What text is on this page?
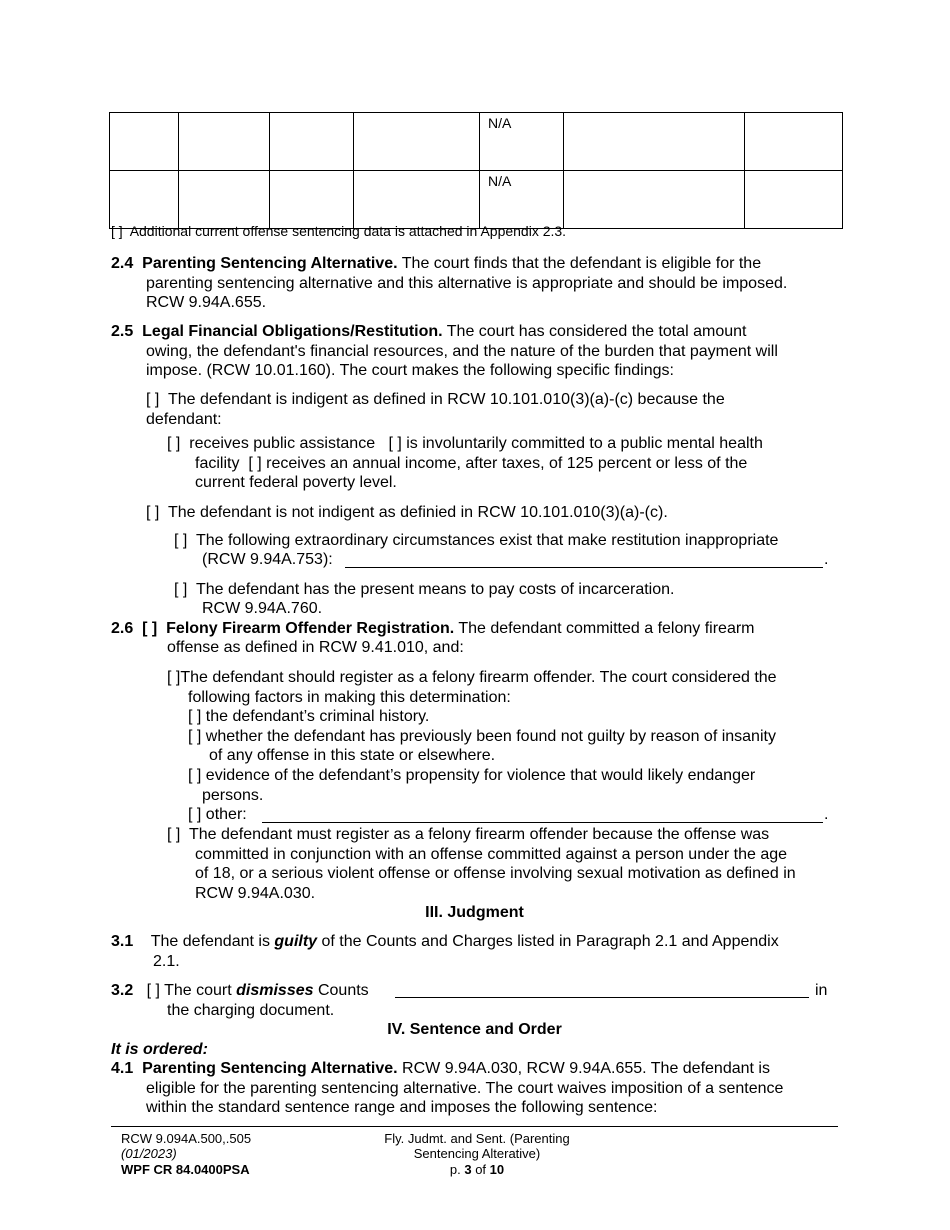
				N/A		
				N/A		
[ ] Additional current offense sentencing data is attached in Appendix 2.3.
2.4 Parenting Sentencing Alternative. The court finds that the defendant is eligible for the
parenting sentencing alternative and this alternative is appropriate and should be imposed.
RCW 9.94A.655.
2.5 Legal Financial Obligations/Restitution. The court has considered the total amount
owing, the defendant's financial resources, and the nature of the burden that payment will
impose. (RCW 10.01.160). The court makes the following specific findings:
[ ] The defendant is indigent as defined in RCW 10.101.010(3)(a)-(c) because the
defendant:
[ ] receives public assistance [ ] is involuntarily committed to a public mental health
facility [ ] receives an annual income, after taxes, of 125 percent or less of the
current federal poverty level.
[ ] The defendant is not indigent as definied in RCW 10.101.010(3)(a)-(c).
[ ] The following extraordinary circumstances exist that make restitution inappropriate
(RCW 9.94A.753):	.
[ ] The defendant has the present means to pay costs of incarceration.
RCW 9.94A.760.
2.6 [ ] Felony Firearm Offender Registration. The defendant committed a felony firearm
offense as defined in RCW 9.41.010, and:
[ ]The defendant should register as a felony firearm offender. The court considered the
following factors in making this determination:
[ ] the defendant’s criminal history.
[ ] whether the defendant has previously been found not guilty by reason of insanity
of any offense in this state or elsewhere.
[ ] evidence of the defendant’s propensity for violence that would likely endanger
persons.
[ ] other:	.
[ ] The defendant must register as a felony firearm offender because the offense was
committed in conjunction with an offense committed against a person under the age
of 18, or a serious violent offense or offense involving sexual motivation as defined in
RCW 9.94A.030.
III. Judgment
3.1 The defendant is guilty of the Counts and Charges listed in Paragraph 2.1 and Appendix
2.1.
3.2 [ ] The court dismisses Counts	in
the charging document.
IV. Sentence and Order
It is ordered:
4.1 Parenting Sentencing Alternative. RCW 9.94A.030, RCW 9.94A.655. The defendant is
eligible for the parenting sentencing alternative. The court waives imposition of a sentence
within the standard sentence range and imposes the following sentence:
RCW 9.094A.500,.505
(01/2023)
WPF CR 84.0400PSA
Fly. Judmt. and Sent. (Parenting
Sentencing Alterative)
p. 3 of 10
